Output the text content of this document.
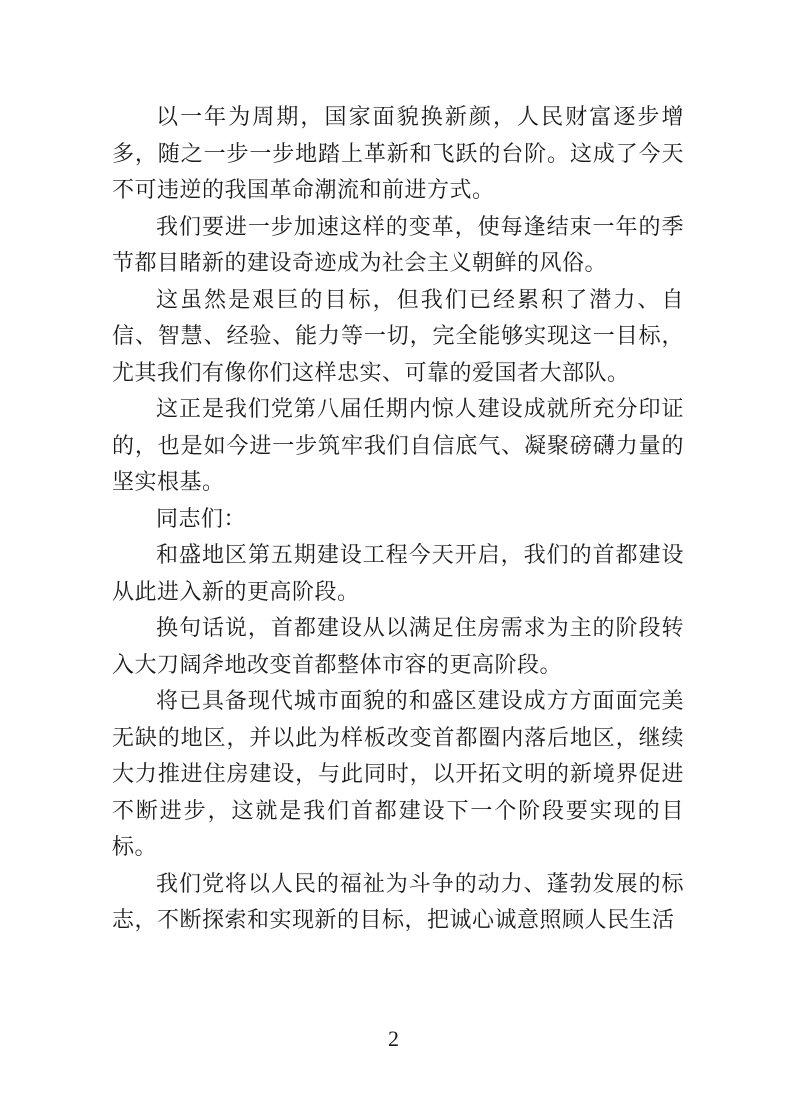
以一年为周期，国家面貌换新颜，人民财富逐步增多，随之一步一步地踏上革新和飞跃的台阶。这成了今天不可违逆的我国革命潮流和前进方式。

我们要进一步加速这样的变革，使每逢结束一年的季节都目睹新的建设奇迹成为社会主义朝鲜的风俗。

这虽然是艰巨的目标，但我们已经累积了潜力、自信、智慧、经验、能力等一切，完全能够实现这一目标，尤其我们有像你们这样忠实、可靠的爱国者大部队。

这正是我们党第八届任期内惊人建设成就所充分印证的，也是如今进一步筑牢我们自信底气、凝聚磅礴力量的坚实根基。

同志们：

和盛地区第五期建设工程今天开启，我们的首都建设从此进入新的更高阶段。

换句话说，首都建设从以满足住房需求为主的阶段转入大刀阔斧地改变首都整体市容的更高阶段。

将已具备现代城市面貌的和盛区建设成方方面面完美无缺的地区，并以此为样板改变首都圈内落后地区，继续大力推进住房建设，与此同时，以开拓文明的新境界促进不断进步，这就是我们首都建设下一个阶段要实现的目标。

我们党将以人民的福祉为斗争的动力、蓬勃发展的标志，不断探索和实现新的目标，把诚心诚意照顾人民生活

2
